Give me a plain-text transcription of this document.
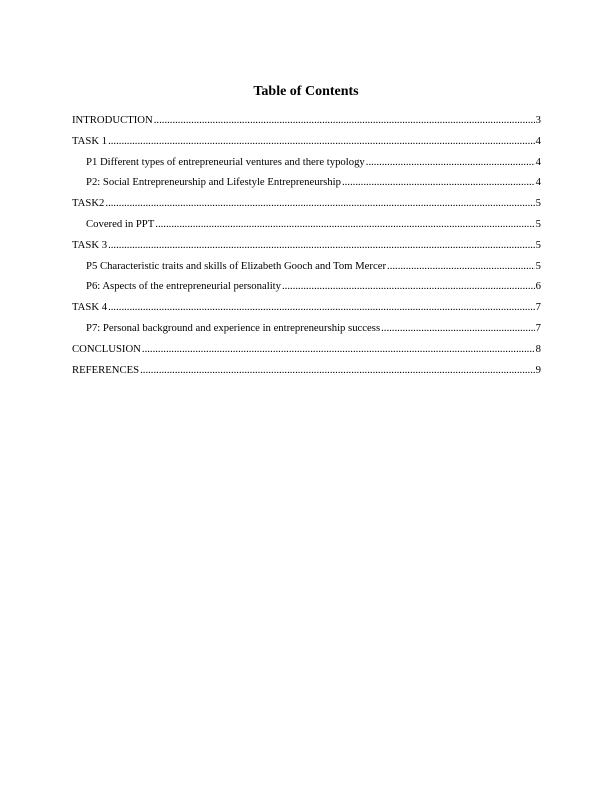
Table of Contents
INTRODUCTION .....	3
TASK 1 .....	4
P1 Different types of entrepreneurial ventures and there typology .....	4
P2: Social Entrepreneurship and Lifestyle Entrepreneurship .....	4
TASK2 .....	5
Covered in PPT .....	5
TASK 3 .....	5
P5 Characteristic traits and skills of Elizabeth Gooch and Tom Mercer .....	5
P6: Aspects of the entrepreneurial personality .....	6
TASK 4 .....	7
P7: Personal background and experience in entrepreneurship success .....	7
CONCLUSION .....	8
REFERENCES .....	9
